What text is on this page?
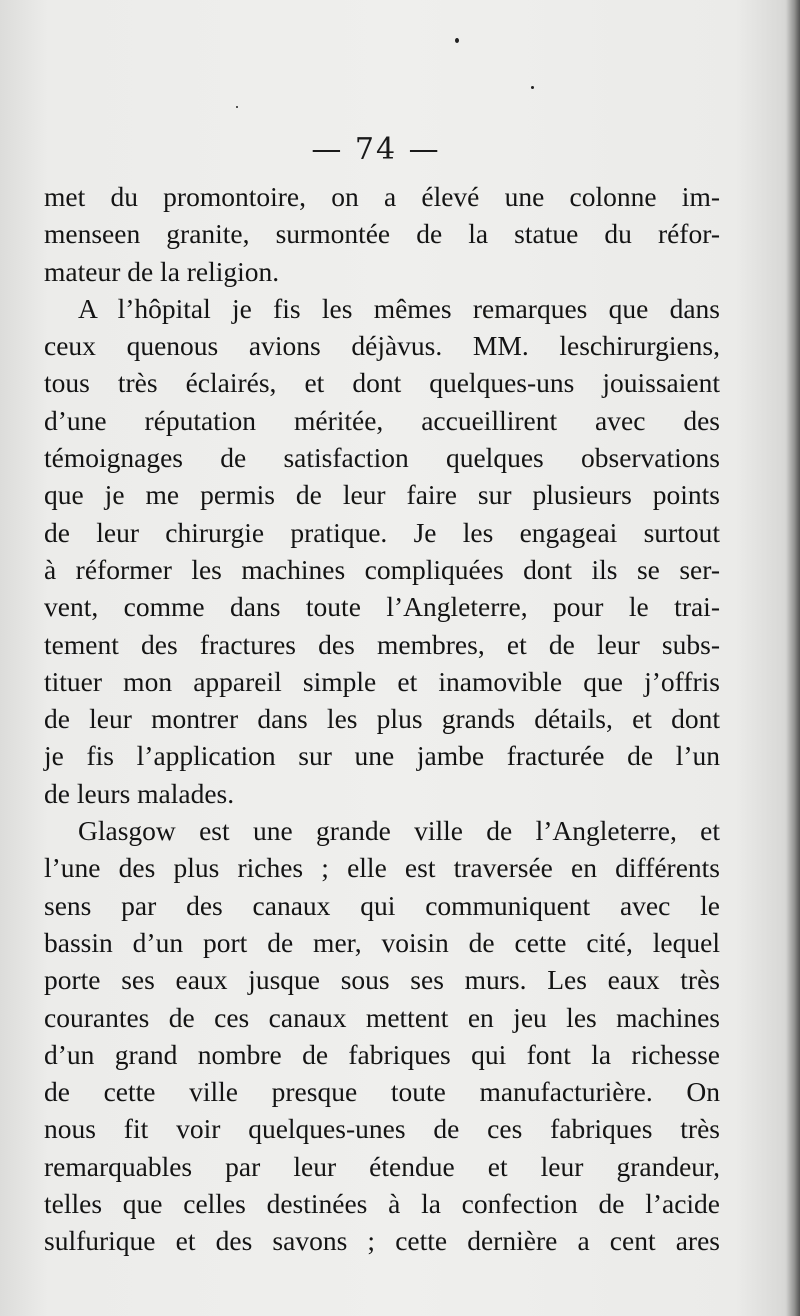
— 74 —
met du promontoire, on a élevé une colonne im-
menseen granite, surmontée de la statue du réfor-
mateur de la religion.
A l’hôpital je fis les mêmes remarques que dans
ceux quenous avions déjàvus. MM. leschirurgiens,
tous très éclairés, et dont quelques-uns jouissaient
d’une réputation méritée, accueillirent avec des
témoignages de satisfaction quelques observations
que je me permis de leur faire sur plusieurs points
de leur chirurgie pratique. Je les engageai surtout
à réformer les machines compliquées dont ils se ser-
vent, comme dans toute l’Angleterre, pour le trai-
tement des fractures des membres, et de leur subs-
tituer mon appareil simple et inamovible que j’offris
de leur montrer dans les plus grands détails, et dont
je fis l’application sur une jambe fracturée de l’un
de leurs malades.
Glasgow est une grande ville de l’Angleterre, et
l’une des plus riches ; elle est traversée en différents
sens par des canaux qui communiquent avec le
bassin d’un port de mer, voisin de cette cité, lequel
porte ses eaux jusque sous ses murs. Les eaux très
courantes de ces canaux mettent en jeu les machines
d’un grand nombre de fabriques qui font la richesse
de cette ville presque toute manufacturière. On
nous fit voir quelques-unes de ces fabriques très
remarquables par leur étendue et leur grandeur,
telles que celles destinées à la confection de l’acide
sulfurique et des savons ; cette dernière a cent ares
